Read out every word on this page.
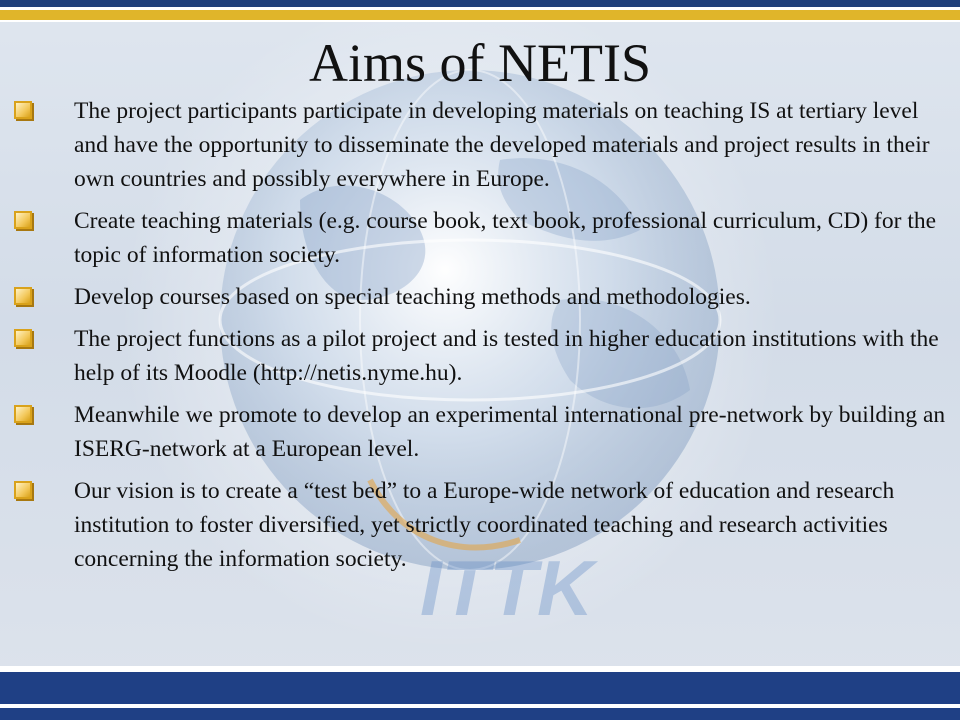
ITTK
Aims of NETIS
The project participants participate in developing materials on teaching IS at tertiary level and have the opportunity to disseminate the developed materials and project results in their own countries and possibly everywhere in Europe.
Create teaching materials (e.g. course book, text book, professional curriculum, CD) for the topic of information society.
Develop courses based on special teaching methods and methodologies.
The project functions as a pilot project and is tested in higher education institutions with the help of its Moodle (http://netis.nyme.hu).
Meanwhile we promote to develop an experimental international pre-network by building an ISERG-network at a European level.
Our vision is to create a “test bed” to a Europe-wide network of education and research institution to foster diversified, yet strictly coordinated teaching and research activities concerning the information society.
